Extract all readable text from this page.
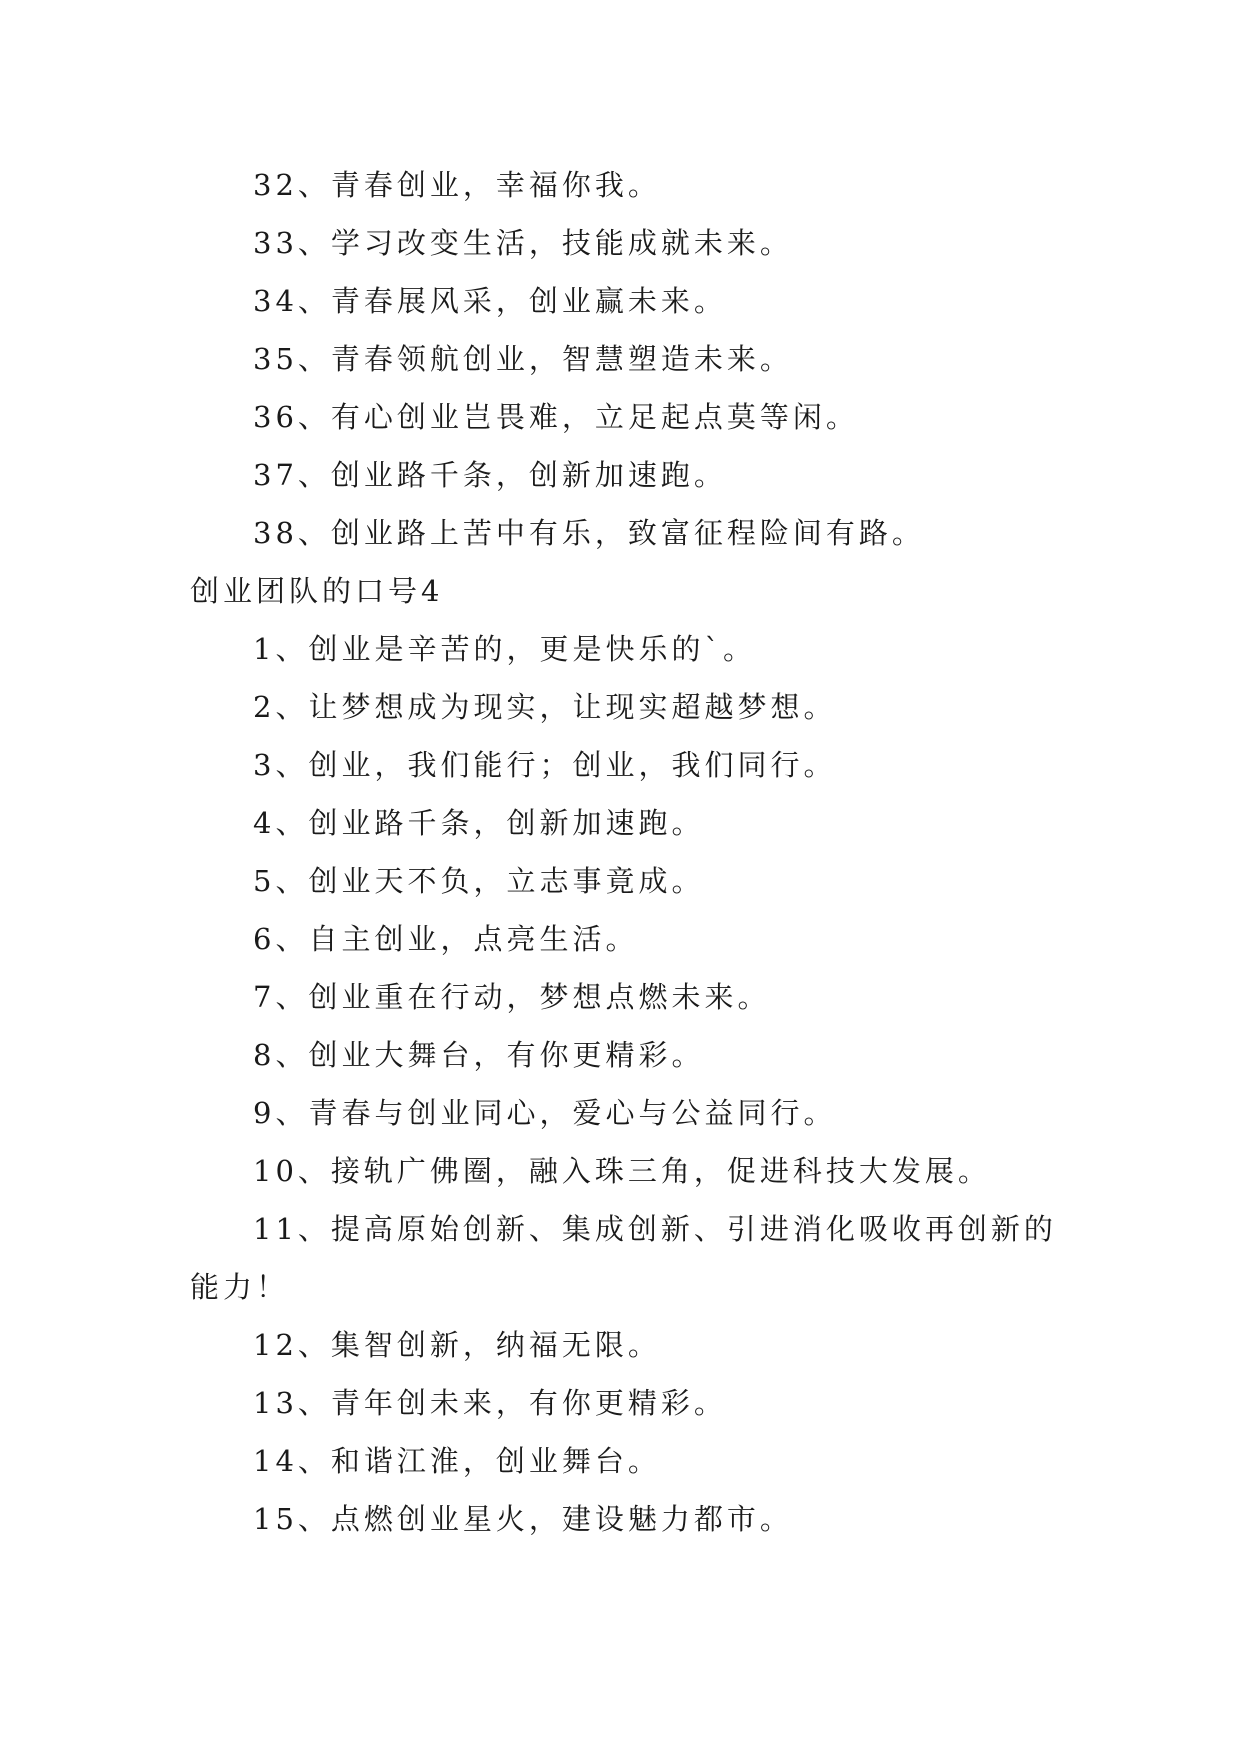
32、青春创业，幸福你我。
33、学习改变生活，技能成就未来。
34、青春展风采，创业赢未来。
35、青春领航创业，智慧塑造未来。
36、有心创业岂畏难，立足起点莫等闲。
37、创业路千条，创新加速跑。
38、创业路上苦中有乐，致富征程险间有路。
创业团队的口号4
1、创业是辛苦的，更是快乐的`。
2、让梦想成为现实，让现实超越梦想。
3、创业，我们能行；创业，我们同行。
4、创业路千条，创新加速跑。
5、创业天不负，立志事竟成。
6、自主创业，点亮生活。
7、创业重在行动，梦想点燃未来。
8、创业大舞台，有你更精彩。
9、青春与创业同心，爱心与公益同行。
10、接轨广佛圈，融入珠三角，促进科技大发展。
11、提高原始创新、集成创新、引进消化吸收再创新的
能力！
12、集智创新，纳福无限。
13、青年创未来，有你更精彩。
14、和谐江淮，创业舞台。
15、点燃创业星火，建设魅力都市。
